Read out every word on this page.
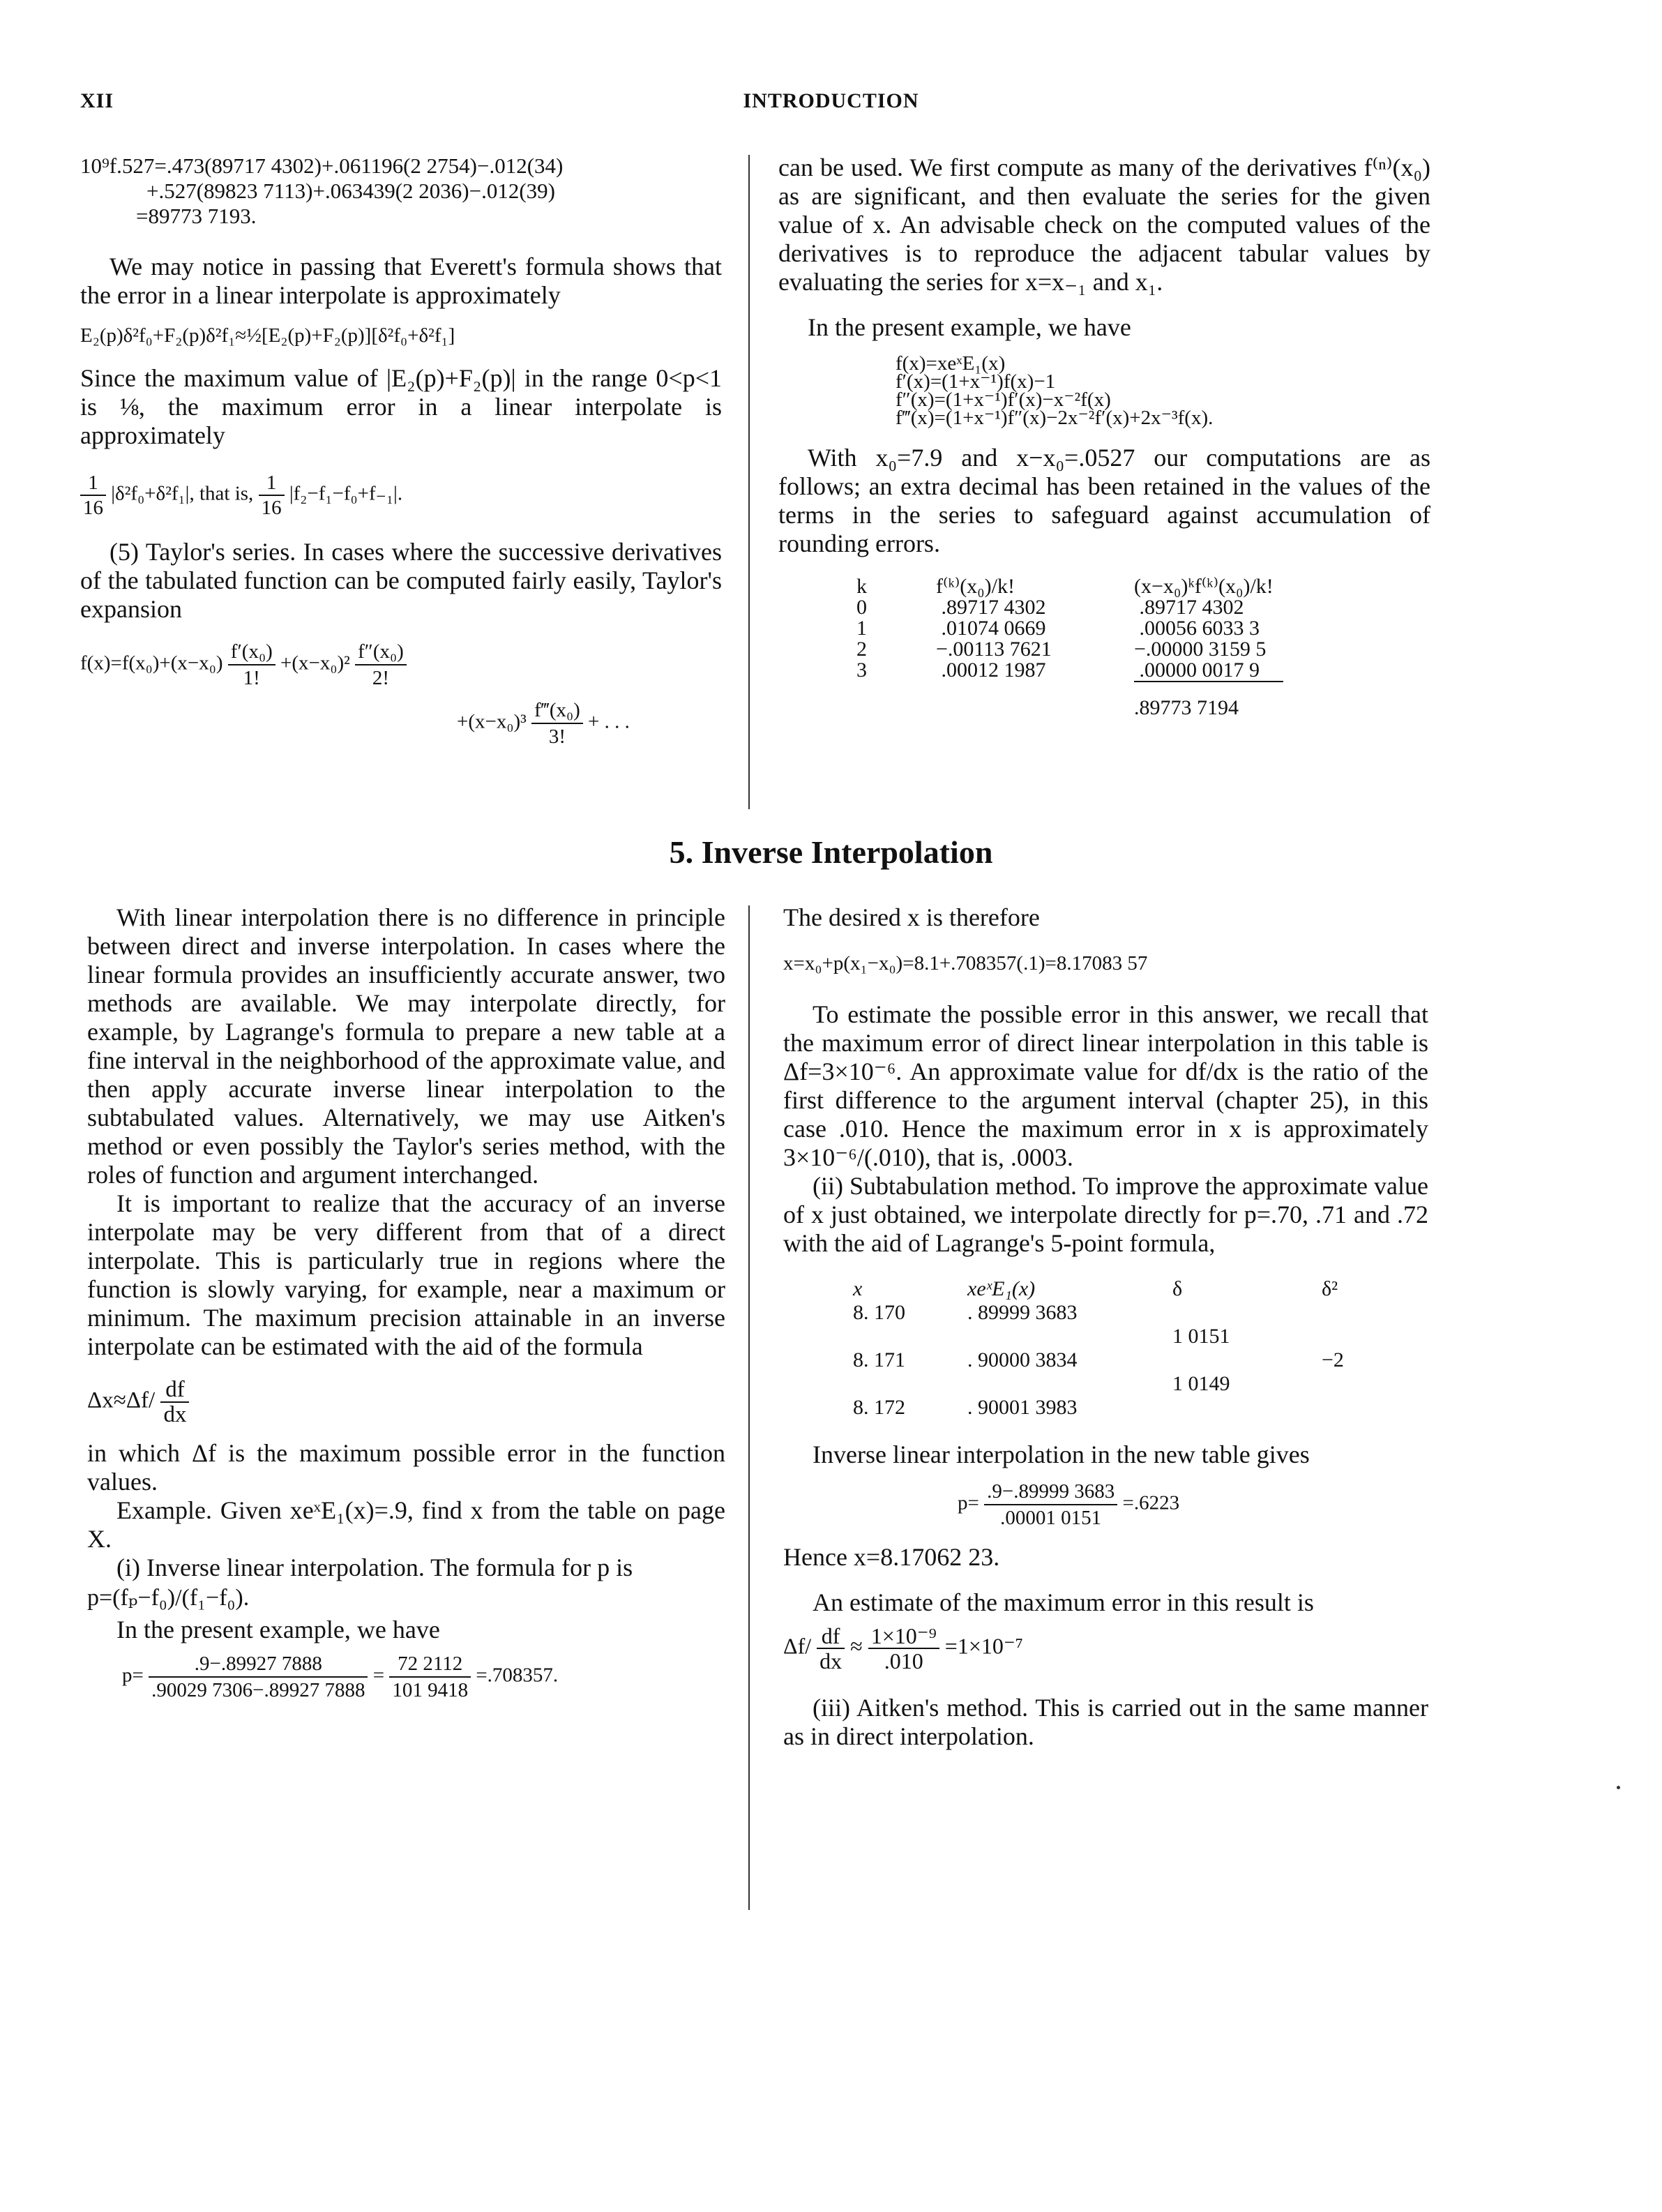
XII	INTRODUCTION

10⁹f.527=.473(89717 4302)+.061196(2 2754)−.012(34)

+.527(89823 7113)+.063439(2 2036)−.012(39)

=89773 7193.

We may notice in passing that Everett's formula shows that the error in a linear interpolate is approximately

E₂(p)δ²f₀+F₂(p)δ²f₁≈½[E₂(p)+F₂(p)][δ²f₀+δ²f₁]

Since the maximum value of |E₂(p)+F₂(p)| in the range 0<p<1 is ⅛, the maximum error in a linear interpolate is approximately

$\frac{1}{16} |\delta^2f_0+\delta^2f_1|$, that is, $\frac{1}{16} |f_2-f_1-f_0+f_{-1}|$.

(5) Taylor's series. In cases where the successive derivatives of the tabulated function can be computed fairly easily, Taylor's expansion

$f(x)=f(x_0)+(x-x_0) \frac{\text{f′(x₀)}}{1!} +(x-x_0)^2 \frac{\text{f″(x₀)}}{2!}$

$+(x-x_0)^3 \frac{\text{f‴(x₀)}}{3!}$ + . . .

can be used. We first compute as many of the derivatives f⁽ⁿ⁾(x₀) as are significant, and then evaluate the series for the given value of x. An advisable check on the computed values of the derivatives is to reproduce the adjacent tabular values by evaluating the series for x=x₋₁ and x₁.

In the present example, we have

f(x)=xeˣE₁(x)

f′(x)=(1+x⁻¹)f(x)−1

f″(x)=(1+x⁻¹)f′(x)−x⁻²f(x)

f‴(x)=(1+x⁻¹)f″(x)−2x⁻²f′(x)+2x⁻³f(x).

With x₀=7.9 and x−x₀=.0527 our computations are as follows; an extra decimal has been retained in the values of the terms in the series to safeguard against accumulation of rounding errors.

k	f⁽ᵏ⁾(x₀)/k!	(x−x₀)ᵏf⁽ᵏ⁾(x₀)/k!
0	.89717 4302	.89717 4302
1	.01074 0669	.00056 6033 3
2	−.00113 7621	−.00000 3159 5
3	.00012 1987	.00000 0017 9
		.89773 7194
5. Inverse Interpolation

With linear interpolation there is no difference in principle between direct and inverse interpolation. In cases where the linear formula provides an insufficiently accurate answer, two methods are available. We may interpolate directly, for example, by Lagrange's formula to prepare a new table at a fine interval in the neighborhood of the approximate value, and then apply accurate inverse linear interpolation to the subtabulated values. Alternatively, we may use Aitken's method or even possibly the Taylor's series method, with the roles of function and argument interchanged.

It is important to realize that the accuracy of an inverse interpolate may be very different from that of a direct interpolate. This is particularly true in regions where the function is slowly varying, for example, near a maximum or minimum. The maximum precision attainable in an inverse interpolate can be estimated with the aid of the formula

$\Delta x\approx\Delta f/ \frac{df}{dx}$

in which Δf is the maximum possible error in the function values.

Example. Given xeˣE₁(x)=.9, find x from the table on page X.

(i) Inverse linear interpolation. The formula for p is

p=(fₚ−f₀)/(f₁−f₀).

In the present example, we have

$p= \frac{.9-.89927 7888}{.90029 7306-.89927 7888} = \frac{72 2112}{101 9418} =.708357$.

The desired x is therefore

x=x₀+p(x₁−x₀)=8.1+.708357(.1)=8.17083 57

To estimate the possible error in this answer, we recall that the maximum error of direct linear interpolation in this table is Δf=3×10⁻⁶. An approximate value for df/dx is the ratio of the first difference to the argument interval (chapter 25), in this case .010. Hence the maximum error in x is approximately 3×10⁻⁶/(.010), that is, .0003.

(ii) Subtabulation method. To improve the approximate value of x just obtained, we interpolate directly for p=.70, .71 and .72 with the aid of Lagrange's 5-point formula,

x	xeˣE₁(x)	δ	δ²
8. 170	. 89999 3683		
		1 0151	
8. 171	. 90000 3834		−2
		1 0149	
8. 172	. 90001 3983		

Inverse linear interpolation in the new table gives

$p= \frac{.9-.89999 3683}{.00001 0151} =.6223$

Hence x=8.17062 23.

An estimate of the maximum error in this result is

$\Delta f/ \frac{df}{dx} \approx \frac{\text{1×10⁻⁹}}{.010} =1\times 10^{-7}$

(iii) Aitken's method. This is carried out in the same manner as in direct interpolation.
